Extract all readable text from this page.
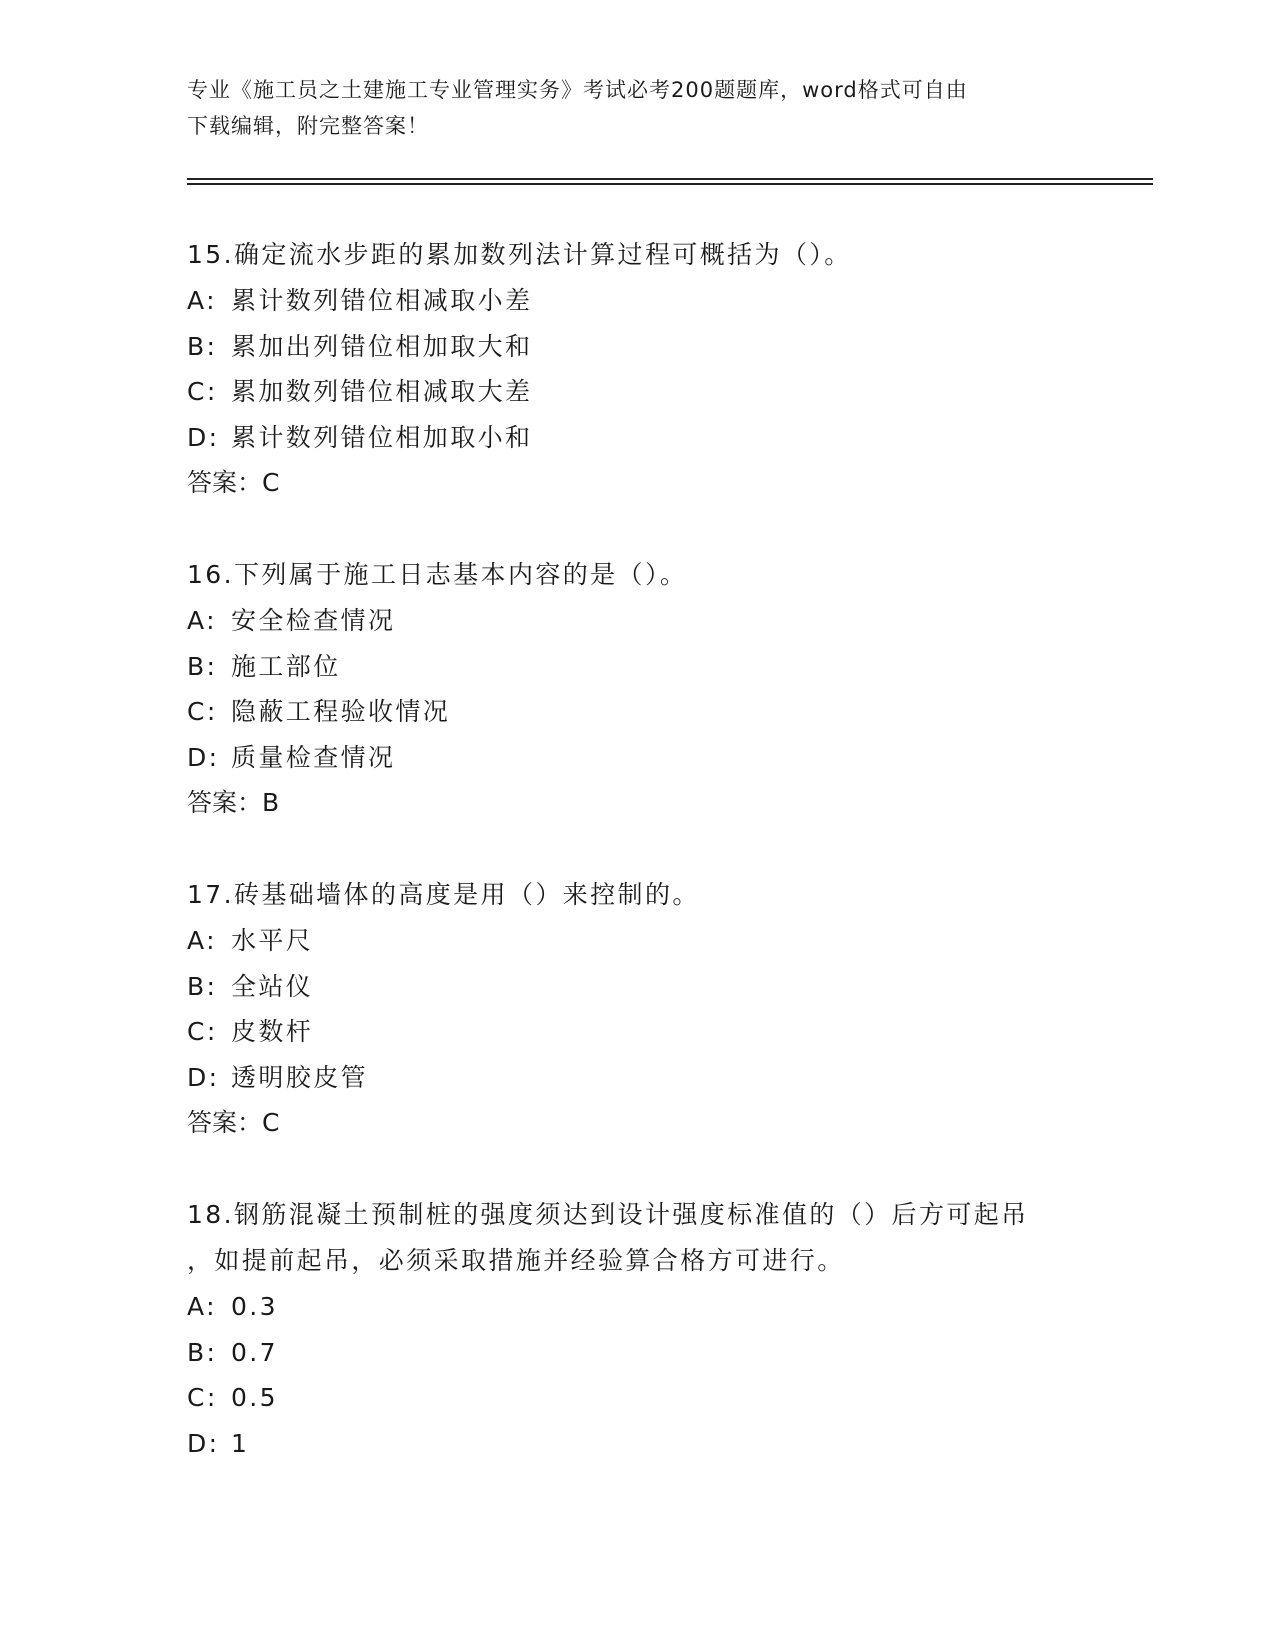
专业《施工员之土建施工专业管理实务》考试必考200题题库，word格式可自由
下载编辑，附完整答案！
15.确定流水步距的累加数列法计算过程可概括为（）。
A: 累计数列错位相减取小差
B: 累加出列错位相加取大和
C: 累加数列错位相减取大差
D: 累计数列错位相加取小和
答案：C
16.下列属于施工日志基本内容的是（）。
A: 安全检查情况
B: 施工部位
C: 隐蔽工程验收情况
D: 质量检查情况
答案：B
17.砖基础墙体的高度是用（）来控制的。
A: 水平尺
B: 全站仪
C: 皮数杆
D: 透明胶皮管
答案：C
18.钢筋混凝土预制桩的强度须达到设计强度标准值的（）后方可起吊
，如提前起吊，必须采取措施并经验算合格方可进行。
A: 0.3
B: 0.7
C: 0.5
D: 1
